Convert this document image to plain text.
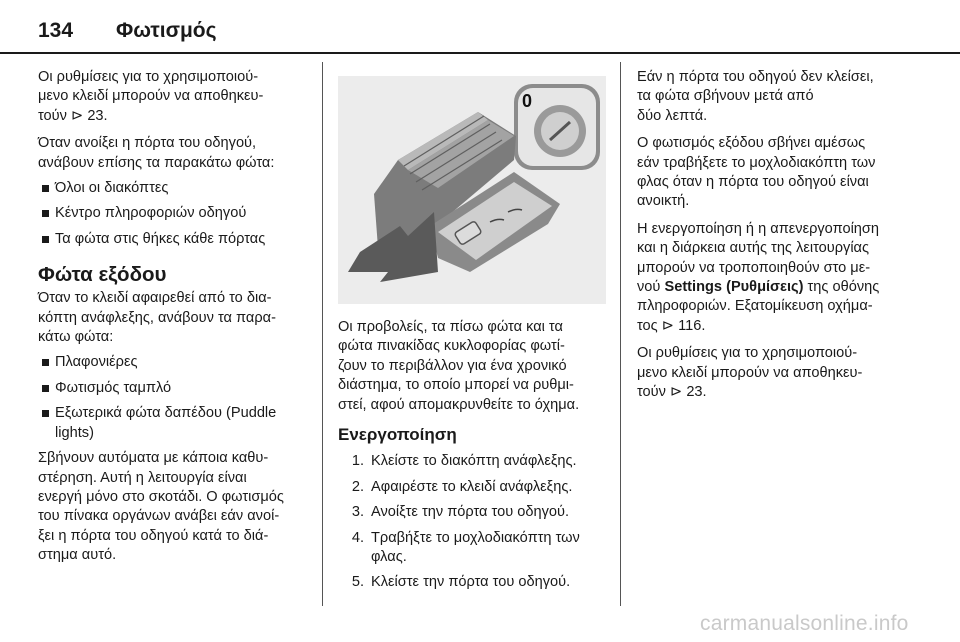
134	Φωτισμός

Οι ρυθμίσεις για το χρησιμοποιού-
μενο κλειδί μπορούν να αποθηκευ-
τούν ⊳ 23.

Όταν ανοίξει η πόρτα του οδηγού,
ανάβουν επίσης τα παρακάτω φώτα:

Όλοι οι διακόπτες
Κέντρο πληροφοριών οδηγού
Τα φώτα στις θήκες κάθε πόρτας
Φώτα εξόδου

Όταν το κλειδί αφαιρεθεί από το δια-
κόπτη ανάφλεξης, ανάβουν τα παρα-
κάτω φώτα:

Πλαφονιέρες
Φωτισμός ταμπλό
Εξωτερικά φώτα δαπέδου (Puddle
lights)

Σβήνουν αυτόματα με κάποια καθυ-
στέρηση. Αυτή η λειτουργία είναι
ενεργή μόνο στο σκοτάδι. Ο φωτισμός
του πίνακα οργάνων ανάβει εάν ανοί-
ξει η πόρτα του οδηγού κατά το διά-
στημα αυτό.

0

Οι προβολείς, τα πίσω φώτα και τα
φώτα πινακίδας κυκλοφορίας φωτί-
ζουν το περιβάλλον για ένα χρονικό
διάστημα, το οποίο μπορεί να ρυθμι-
στεί, αφού απομακρυνθείτε το όχημα.

Ενεργοποίηση
1. Κλείστε το διακόπτη ανάφλεξης.
2. Αφαιρέστε το κλειδί ανάφλεξης.
3. Ανοίξτε την πόρτα του οδηγού.
4. Τραβήξτε το μοχλοδιακόπτη των
φλας.
5. Κλείστε την πόρτα του οδηγού.

Εάν η πόρτα του οδηγού δεν κλείσει,
τα φώτα σβήνουν μετά από
δύο λεπτά.

Ο φωτισμός εξόδου σβήνει αμέσως
εάν τραβήξετε το μοχλοδιακόπτη των
φλας όταν η πόρτα του οδηγού είναι
ανοικτή.

Η ενεργοποίηση ή η απενεργοποίηση
και η διάρκεια αυτής της λειτουργίας
μπορούν να τροποποιηθούν στο με-
νού Settings (Ρυθμίσεις) της οθόνης
πληροφοριών. Εξατομίκευση οχήμα-
τος ⊳ 116.

Οι ρυθμίσεις για το χρησιμοποιού-
μενο κλειδί μπορούν να αποθηκευ-
τούν ⊳ 23.

carmanualsonline.info
